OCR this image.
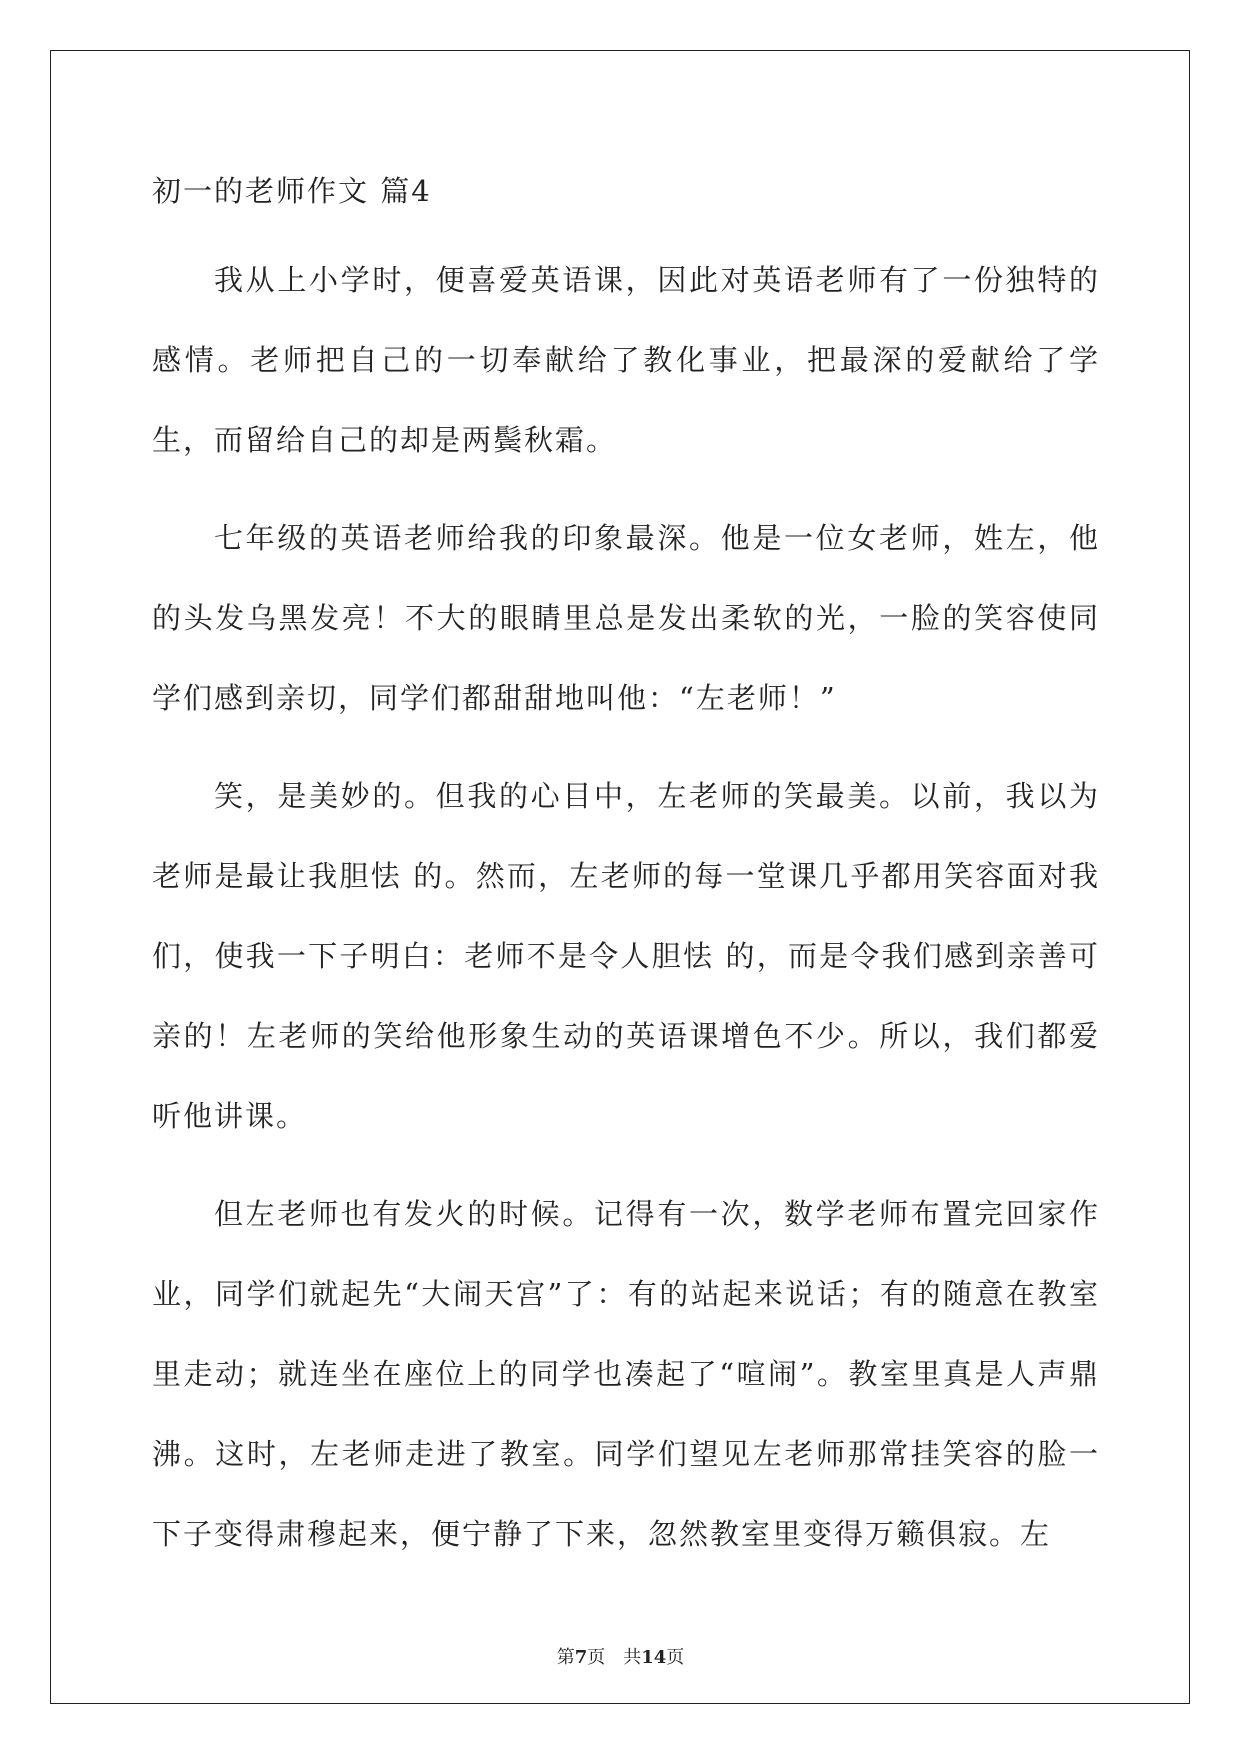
初一的老师作文 篇4

我从上小学时，便喜爱英语课，因此对英语老师有了一份独特的感情。老师把自己的一切奉献给了教化事业，把最深的爱献给了学生，而留给自己的却是两鬓秋霜。

七年级的英语老师给我的印象最深。他是一位女老师，姓左，他的头发乌黑发亮！不大的眼睛里总是发出柔软的光，一脸的笑容使同学们感到亲切，同学们都甜甜地叫他：“左老师！”

笑，是美妙的。但我的心目中，左老师的笑最美。以前，我以为老师是最让我胆怯 的。然而，左老师的每一堂课几乎都用笑容面对我们，使我一下子明白：老师不是令人胆怯 的，而是令我们感到亲善可亲的！左老师的笑给他形象生动的英语课增色不少。所以，我们都爱听他讲课。

但左老师也有发火的时候。记得有一次，数学老师布置完回家作业，同学们就起先“大闹天宫”了：有的站起来说话；有的随意在教室里走动；就连坐在座位上的同学也凑起了“喧闹”。教室里真是人声鼎沸。这时，左老师走进了教室。同学们望见左老师那常挂笑容的脸一下子变得肃穆起来，便宁静了下来，忽然教室里变得万籁俱寂。左

第7页 共14页
